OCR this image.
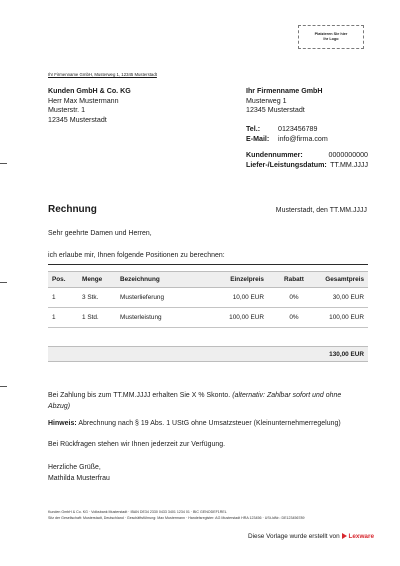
Platzieren Sie hier
Ihr Logo
Ihr Firmenname GmbH, Musterweg 1, 12345 Musterstadt
Kunden GmbH & Co. KG
Herr Max Mustermann
Musterstr. 1
12345 Musterstadt
Ihr Firmenname GmbH
Musterweg 1
12345 Musterstadt
Tel.:	0123456789
E-Mail: info@firma.com
Kundennummer:	0000000000
Liefer-/Leistungsdatum: TT.MM.JJJJ
Rechnung	Musterstadt, den TT.MM.JJJJ
Sehr geehrte Damen und Herren,
ich erlaube mir, Ihnen folgende Positionen zu berechnen:
Pos.	Menge	Bezeichnung	Einzelpreis	Rabatt	Gesamtpreis
1	3 Stk.	Musterlieferung	10,00 EUR	0%	30,00 EUR
1	1 Std.	Musterleistung	100,00 EUR	0%	100,00 EUR
130,00 EUR
Bei Zahlung bis zum TT.MM.JJJJ erhalten Sie X % Skonto. (alternativ: Zahlbar sofort und ohne
Abzug)
Hinweis: Abrechnung nach § 19 Abs. 1 UStG ohne Umsatzsteuer (Kleinunternehmerregelung)
Bei Rückfragen stehen wir Ihnen jederzeit zur Verfügung.
Herzliche Grüße,
Mathilda Musterfrau
Kunden GmbH & Co. KG · Volksbank Musterstadt · IBAN DE34 2330 0433 3401 1234 01 · BIC GENODEF1REL
Sitz der Gesellschaft: Musterstadt, Deutschland · Geschäftsführung: Max Mustermann · Handelsregister: AG Musterstadt HRA 123456 · USt-IdNr.: DE123456789
Diese Vorlage wurde erstellt von	Lexware
